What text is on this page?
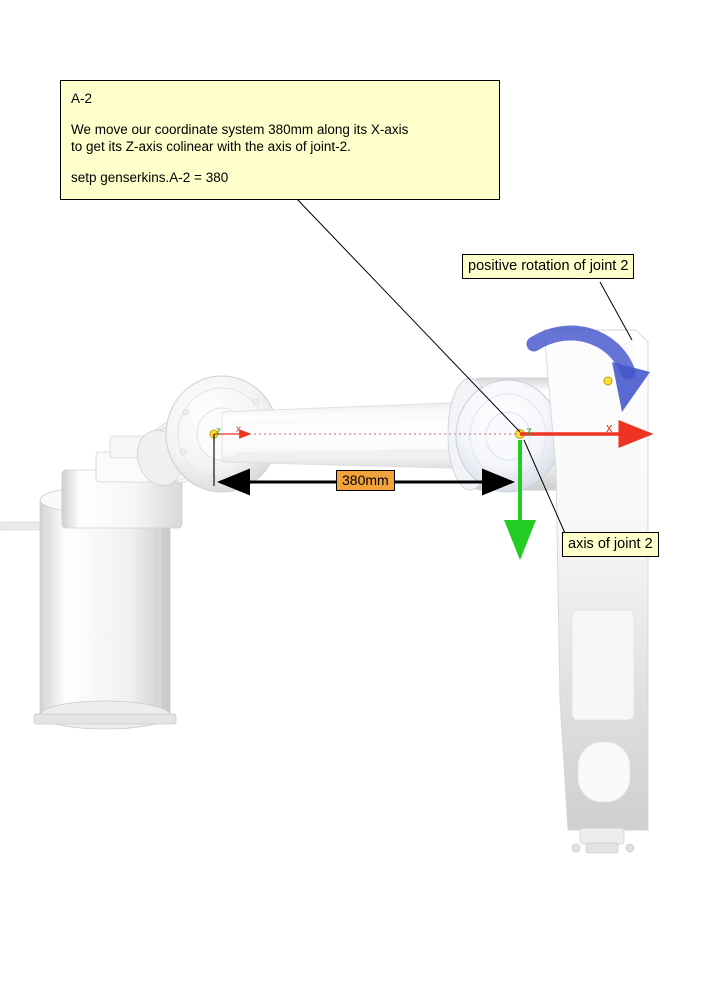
A-2

We move our coordinate system 380mm along its X-axis

to get its Z-axis colinear with the axis of joint-2.

setp genserkins.A-2 = 380

positive rotation of joint 2
axis of joint 2
380mm
z x	z	x
